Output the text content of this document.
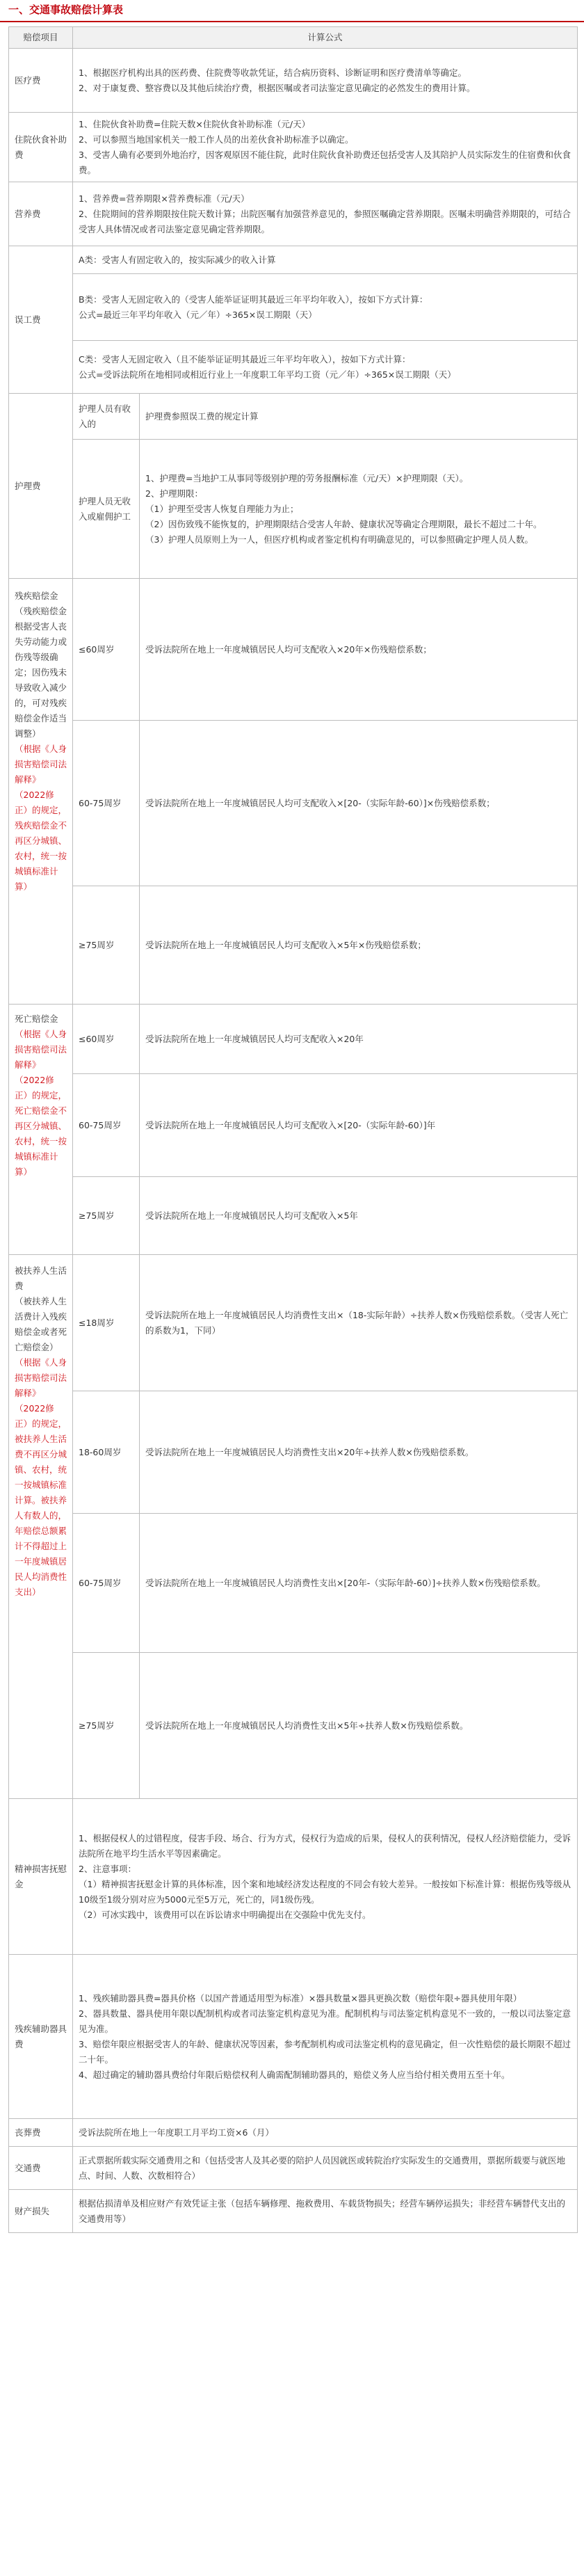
一、交通事故赔偿计算表
赔偿项目	计算公式	
医疗费	1、根据医疗机构出具的医药费、住院费等收款凭证，结合病历资料、诊断证明和医疗费清单等确定。

2、对于康复费、整容费以及其他后续治疗费，根据医嘱或者司法鉴定意见确定的必然发生的费用计算。	

住院伙食补助费	1、住院伙食补助费=住院天数×住院伙食补助标准（元/天）

2、可以参照当地国家机关一般工作人员的出差伙食补助标准予以确定。

3、受害人确有必要到外地治疗，因客观原因不能住院，此时住院伙食补助费还包括受害人及其陪护人员实际发生的住宿费和伙食费。	

营养费	1、营养费=营养期限×营养费标准（元/天）

2、住院期间的营养期限按住院天数计算；出院医嘱有加强营养意见的，参照医嘱确定营养期限。医嘱未明确营养期限的，可结合受害人具体情况或者司法鉴定意见确定营养期限。	

误工费	A类：受害人有固定收入的，按实际减少的收入计算	

	B类：受害人无固定收入的（受害人能举证证明其最近三年平均年收入），按如下方式计算：

公式=最近三年平均年收入（元／年）÷365×误工期限（天）	

	C类：受害人无固定收入（且不能举证证明其最近三年平均年收入），按如下方式计算：

公式=受诉法院所在地相同或相近行业上一年度职工年平均工资（元／年）÷365×误工期限（天）	

护理费	护理人员有收入的	护理费参照误工费的规定计算
	护理人员无收入或雇佣护工	1、护理费=当地护工从事同等级别护理的劳务报酬标准（元/天）×护理期限（天）。

2、护理期限：

（1）护理至受害人恢复自理能力为止；

（2）因伤致残不能恢复的，护理期限结合受害人年龄、健康状况等确定合理期限，最长不超过二十年。

（3）护理人员原则上为一人，但医疗机构或者鉴定机构有明确意见的，可以参照确定护理人员人数。

残疾赔偿金

（残疾赔偿金根据受害人丧失劳动能力或伤残等级确定；因伤残未导致收入减少的，可对残疾赔偿金作适当调整）

（根据《人身损害赔偿司法解释》（2022修正）的规定，残疾赔偿金不再区分城镇、农村，统一按城镇标准计算）	≤60周岁	受诉法院所在地上一年度城镇居民人均可支配收入×20年×伤残赔偿系数；
	60-75周岁	受诉法院所在地上一年度城镇居民人均可支配收入×[20-（实际年龄-60）]×伤残赔偿系数；
	≥75周岁	受诉法院所在地上一年度城镇居民人均可支配收入×5年×伤残赔偿系数；

死亡赔偿金

（根据《人身损害赔偿司法解释》（2022修正）的规定，死亡赔偿金不再区分城镇、农村，统一按城镇标准计算）	≤60周岁	受诉法院所在地上一年度城镇居民人均可支配收入×20年
	60-75周岁	受诉法院所在地上一年度城镇居民人均可支配收入×[20-（实际年龄-60）]年
	≥75周岁	受诉法院所在地上一年度城镇居民人均可支配收入×5年

被扶养人生活费

（被扶养人生活费计入残疾赔偿金或者死亡赔偿金）

（根据《人身损害赔偿司法解释》（2022修正）的规定，被扶养人生活费不再区分城镇、农村，统一按城镇标准计算。被扶养人有数人的，年赔偿总额累计不得超过上一年度城镇居民人均消费性支出）	≤18周岁	受诉法院所在地上一年度城镇居民人均消费性支出×（18-实际年龄）÷扶养人数×伤残赔偿系数。（受害人死亡的系数为1，下同）
	18-60周岁	受诉法院所在地上一年度城镇居民人均消费性支出×20年÷扶养人数×伤残赔偿系数。
	60-75周岁	受诉法院所在地上一年度城镇居民人均消费性支出×[20年-（实际年龄-60）]÷扶养人数×伤残赔偿系数。
	≥75周岁	受诉法院所在地上一年度城镇居民人均消费性支出×5年÷扶养人数×伤残赔偿系数。
精神损害抚慰金	1、根据侵权人的过错程度，侵害手段、场合、行为方式，侵权行为造成的后果，侵权人的获利情况，侵权人经济赔偿能力，受诉法院所在地平均生活水平等因素确定。

2、注意事项：

（1）精神损害抚慰金计算的具体标准，因个案和地域经济发达程度的不同会有较大差异。一般按如下标准计算：根据伤残等级从10级至1级分别对应为5000元至5万元，死亡的，同1级伤残。

（2）可冰实践中，该费用可以在诉讼请求中明确提出在交强险中优先支付。	

残疾辅助器具费	1、残疾辅助器具费=器具价格（以国产普通适用型为标准）×器具数量×器具更换次数（赔偿年限÷器具使用年限）

2、器具数量、器具使用年限以配制机构或者司法鉴定机构意见为准。配制机构与司法鉴定机构意见不一致的，一般以司法鉴定意见为准。

3、赔偿年限应根据受害人的年龄、健康状况等因素，参考配制机构或司法鉴定机构的意见确定，但一次性赔偿的最长期限不超过二十年。

4、超过确定的辅助器具费给付年限后赔偿权利人确需配制辅助器具的，赔偿义务人应当给付相关费用五至十年。	

丧葬费	受诉法院所在地上一年度职工月平均工资×6（月）	
交通费	正式票据所载实际交通费用之和（包括受害人及其必要的陪护人员因就医或转院治疗实际发生的交通费用，票据所载要与就医地点、时间、人数、次数相符合）	
财产损失	根据估损清单及相应财产有效凭证主张（包括车辆修理、拖救费用、车载货物损失；经营车辆停运损失；非经营车辆替代支出的交通费用等）	
